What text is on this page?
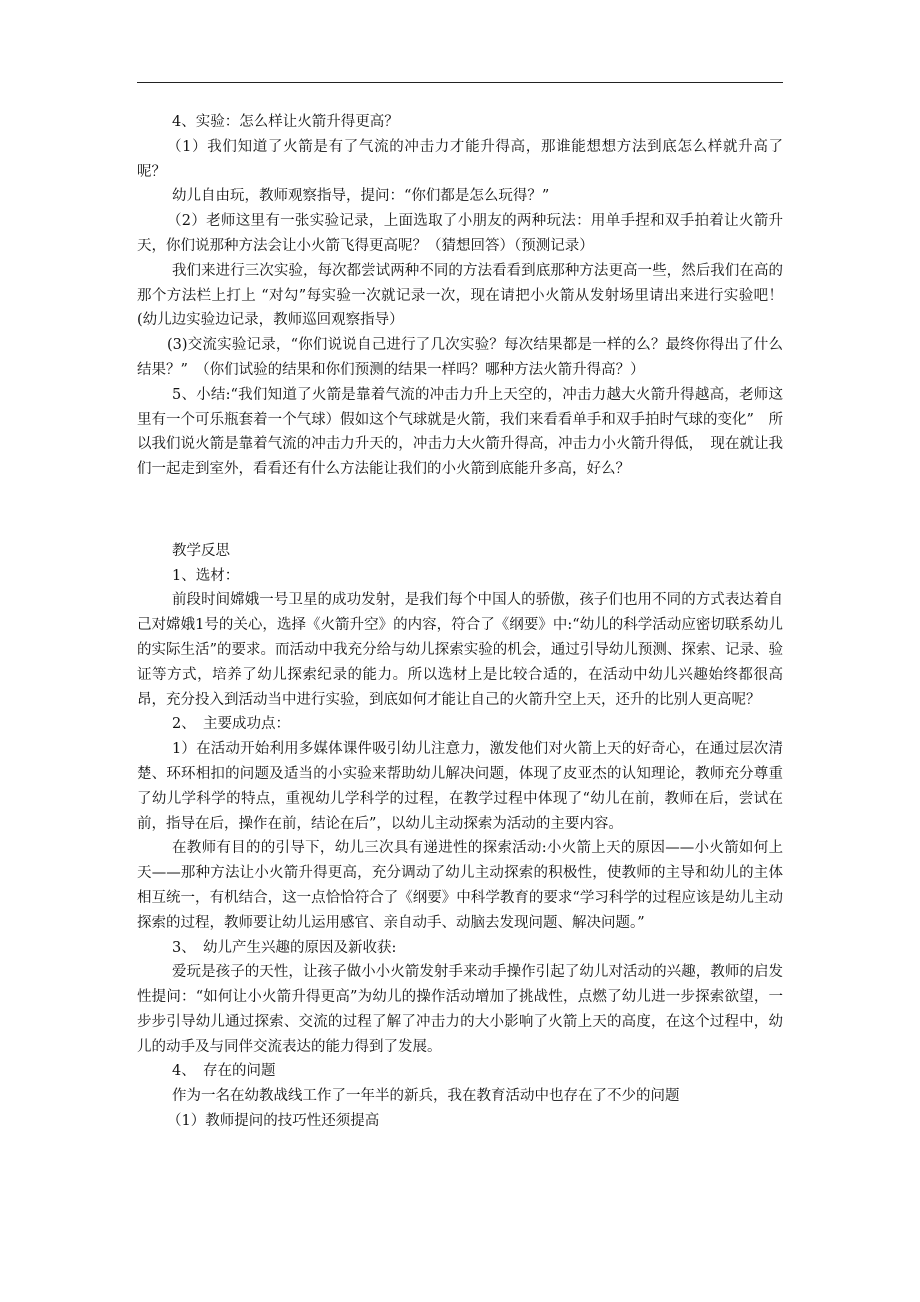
4、实验：怎么样让火箭升得更高？

（1）我们知道了火箭是有了气流的冲击力才能升得高，那谁能想想方法到底怎么样就升高了呢？

幼儿自由玩，教师观察指导，提问：“你们都是怎么玩得？”

（2）老师这里有一张实验记录，上面选取了小朋友的两种玩法：用单手捏和双手拍着让火箭升天，你们说那种方法会让小火箭飞得更高呢？（猜想回答）（预测记录）

我们来进行三次实验，每次都尝试两种不同的方法看看到底那种方法更高一些，然后我们在高的那个方法栏上打上 “对勾”每实验一次就记录一次，现在请把小火箭从发射场里请出来进行实验吧！(幼儿边实验边记录，教师巡回观察指导）

(3)交流实验记录，“你们说说自己进行了几次实验？每次结果都是一样的么？最终你得出了什么结果？”　（你们试验的结果和你们预测的结果一样吗？哪种方法火箭升得高？）

5、小结:“我们知道了火箭是靠着气流的冲击力升上天空的，冲击力越大火箭升得越高，老师这里有一个可乐瓶套着一个气球）假如这个气球就是火箭，我们来看看单手和双手拍时气球的变化”　所以我们说火箭是靠着气流的冲击力升天的，冲击力大火箭升得高，冲击力小火箭升得低，　现在就让我们一起走到室外，看看还有什么方法能让我们的小火箭到底能升多高，好么？

教学反思

1、选材：

前段时间嫦娥一号卫星的成功发射，是我们每个中国人的骄傲，孩子们也用不同的方式表达着自己对嫦娥1号的关心，选择《火箭升空》的内容，符合了《纲要》中:“幼儿的科学活动应密切联系幼儿的实际生活”的要求。而活动中我充分给与幼儿探索实验的机会，通过引导幼儿预测、探索、记录、验证等方式，培养了幼儿探索纪录的能力。所以选材上是比较合适的，在活动中幼儿兴趣始终都很高昂，充分投入到活动当中进行实验，到底如何才能让自己的火箭升空上天，还升的比别人更高呢？

2、　主要成功点：

1）在活动开始利用多媒体课件吸引幼儿注意力，激发他们对火箭上天的好奇心，在通过层次清楚、环环相扣的问题及适当的小实验来帮助幼儿解决问题，体现了皮亚杰的认知理论，教师充分尊重了幼儿学科学的特点，重视幼儿学科学的过程，在教学过程中体现了“幼儿在前，教师在后，尝试在前，指导在后，操作在前，结论在后”，以幼儿主动探索为活动的主要内容。

在教师有目的的引导下，幼儿三次具有递进性的探索活动:小火箭上天的原因——小火箭如何上天——那种方法让小火箭升得更高，充分调动了幼儿主动探索的积极性，使教师的主导和幼儿的主体相互统一，有机结合，这一点恰恰符合了《纲要》中科学教育的要求“学习科学的过程应该是幼儿主动探索的过程，教师要让幼儿运用感官、亲自动手、动脑去发现问题、解决问题。”

3、　幼儿产生兴趣的原因及新收获:

爱玩是孩子的天性，让孩子做小小火箭发射手来动手操作引起了幼儿对活动的兴趣，教师的启发性提问：“如何让小火箭升得更高”为幼儿的操作活动增加了挑战性，点燃了幼儿进一步探索欲望，一步步引导幼儿通过探索、交流的过程了解了冲击力的大小影响了火箭上天的高度，在这个过程中，幼儿的动手及与同伴交流表达的能力得到了发展。

4、　存在的问题

作为一名在幼教战线工作了一年半的新兵，我在教育活动中也存在了不少的问题

（1）教师提问的技巧性还须提高
